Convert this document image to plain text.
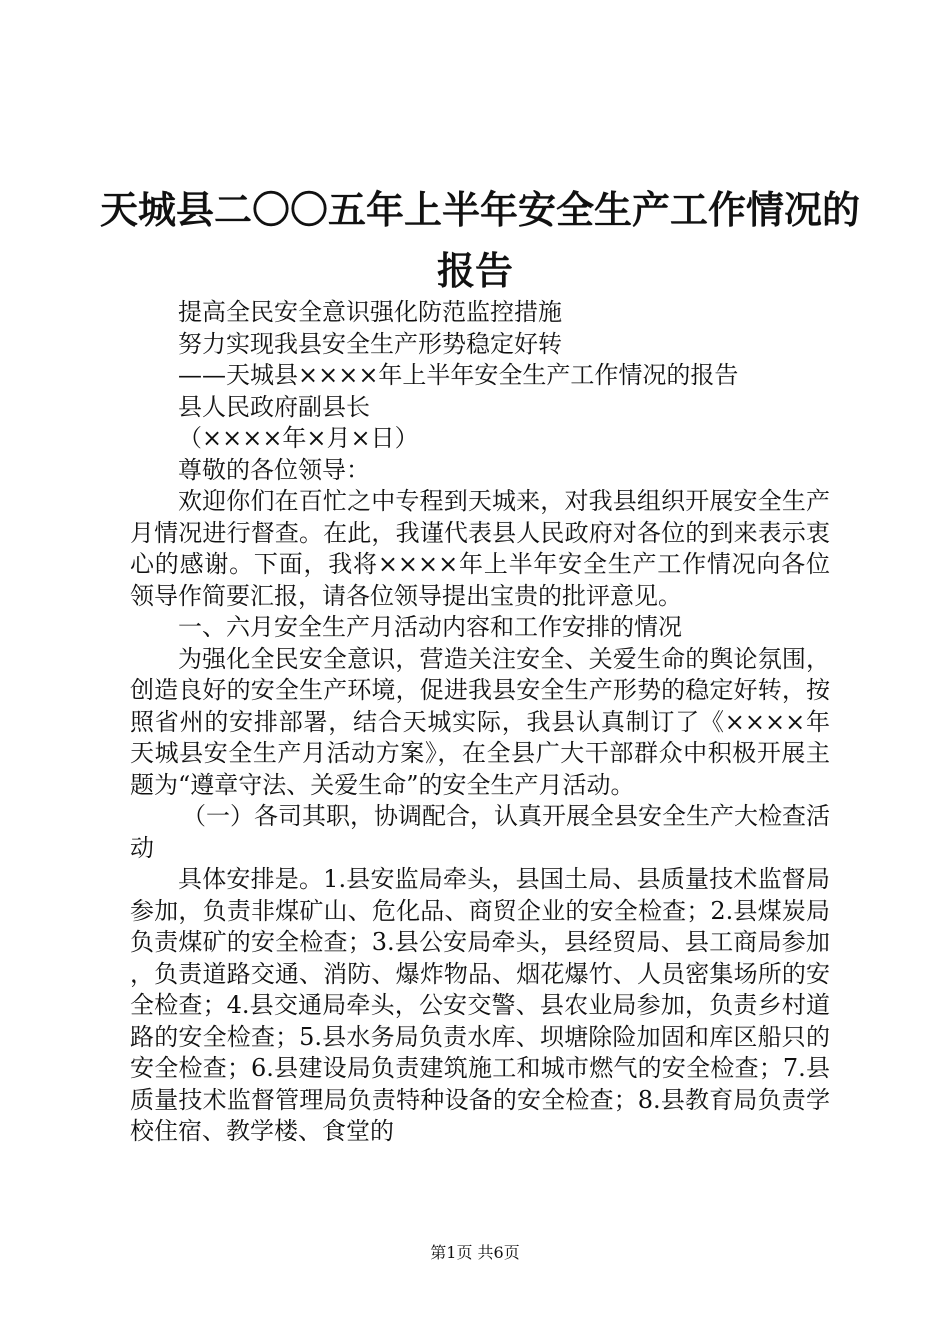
天城县二〇〇五年上半年安全生产工作情况的
报告
提高全民安全意识强化防范监控措施
努力实现我县安全生产形势稳定好转
——天城县××××年上半年安全生产工作情况的报告
县人民政府副县长
（××××年×月×日）
尊敬的各位领导：

欢迎你们在百忙之中专程到天城来，对我县组织开展安全生产月情况进行督查。在此，我谨代表县人民政府对各位的到来表示衷心的感谢。下面，我将××××年上半年安全生产工作情况向各位领导作简要汇报，请各位领导提出宝贵的批评意见。

一、六月安全生产月活动内容和工作安排的情况

为强化全民安全意识，营造关注安全、关爱生命的舆论氛围，创造良好的安全生产环境，促进我县安全生产形势的稳定好转，按照省州的安排部署，结合天城实际，我县认真制订了《××××年天城县安全生产月活动方案》，在全县广大干部群众中积极开展主题为“遵章守法、关爱生命”的安全生产月活动。

（一）各司其职，协调配合，认真开展全县安全生产大检查活动

具体安排是。1.县安监局牵头，县国土局、县质量技术监督局参加，负责非煤矿山、危化品、商贸企业的安全检查；2.县煤炭局负责煤矿的安全检查；3.县公安局牵头，县经贸局、县工商局参加，负责道路交通、消防、爆炸物品、烟花爆竹、人员密集场所的安全检查；4.县交通局牵头，公安交警、县农业局参加，负责乡村道路的安全检查；5.县水务局负责水库、坝塘除险加固和库区船只的安全检查；6.县建设局负责建筑施工和城市燃气的安全检查；7.县质量技术监督管理局负责特种设备的安全检查；8.县教育局负责学校住宿、教学楼、食堂的

第1页 共6页
